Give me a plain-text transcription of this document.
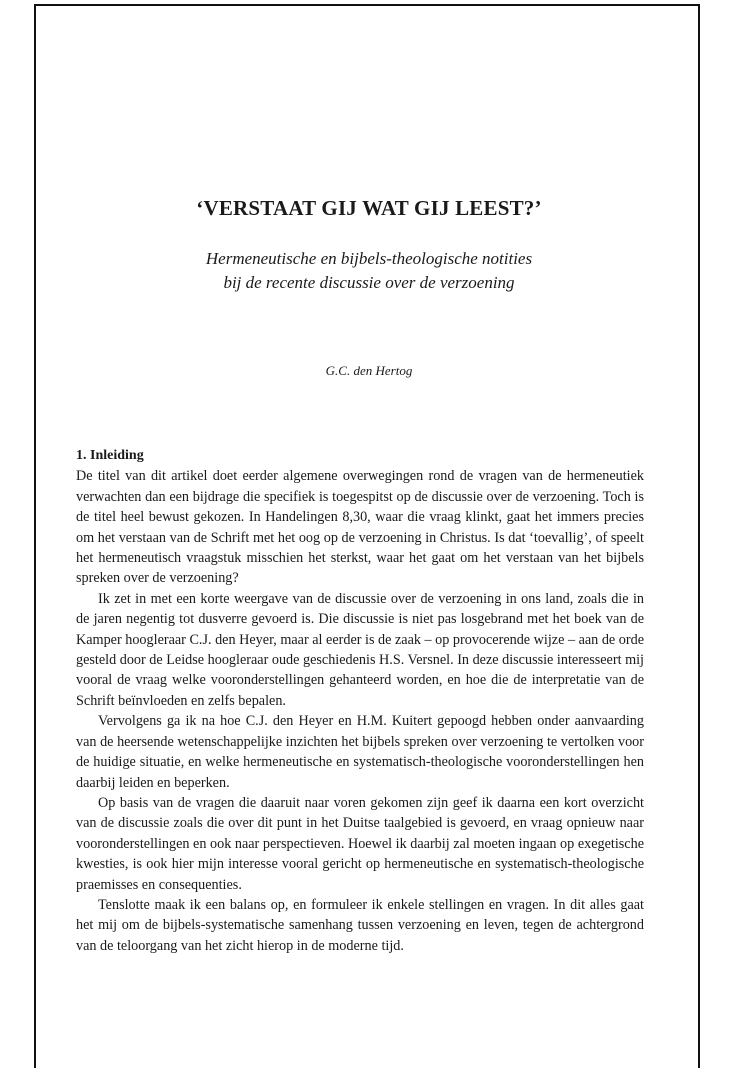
‘VERSTAAT GIJ WAT GIJ LEEST?’
Hermeneutische en bijbels-theologische notities
bij de recente discussie over de verzoening

G.C. den Hertog

1. Inleiding

De titel van dit artikel doet eerder algemene overwegingen rond de vragen van de hermeneutiek verwachten dan een bijdrage die specifiek is toegespitst op de discussie over de verzoening. Toch is de titel heel bewust gekozen. In Handelingen 8,30, waar die vraag klinkt, gaat het immers precies om het verstaan van de Schrift met het oog op de verzoening in Christus. Is dat ‘toevallig’, of speelt het hermeneutisch vraagstuk misschien het sterkst, waar het gaat om het verstaan van het bijbels spreken over de verzoening?

Ik zet in met een korte weergave van de discussie over de verzoening in ons land, zoals die in de jaren negentig tot dusverre gevoerd is. Die discussie is niet pas losgebrand met het boek van de Kamper hoogleraar C.J. den Heyer, maar al eerder is de zaak – op provocerende wijze – aan de orde gesteld door de Leidse hoogleraar oude geschiedenis H.S. Versnel. In deze discussie interesseert mij vooral de vraag welke vooronderstellingen gehanteerd worden, en hoe die de interpretatie van de Schrift beïnvloeden en zelfs bepalen.

Vervolgens ga ik na hoe C.J. den Heyer en H.M. Kuitert gepoogd hebben onder aanvaarding van de heersende wetenschappelijke inzichten het bijbels spreken over verzoening te vertolken voor de huidige situatie, en welke hermeneutische en systematisch-theologische vooronderstellingen hen daarbij leiden en beperken.

Op basis van de vragen die daaruit naar voren gekomen zijn geef ik daarna een kort overzicht van de discussie zoals die over dit punt in het Duitse taalgebied is gevoerd, en vraag opnieuw naar vooronderstellingen en ook naar perspectieven. Hoewel ik daarbij zal moeten ingaan op exegetische kwesties, is ook hier mijn interesse vooral gericht op hermeneutische en systematisch-theologische praemisses en consequenties.

Tenslotte maak ik een balans op, en formuleer ik enkele stellingen en vragen. In dit alles gaat het mij om de bijbels-systematische samenhang tussen verzoening en leven, tegen de achtergrond van de teloorgang van het zicht hierop in de moderne tijd.
